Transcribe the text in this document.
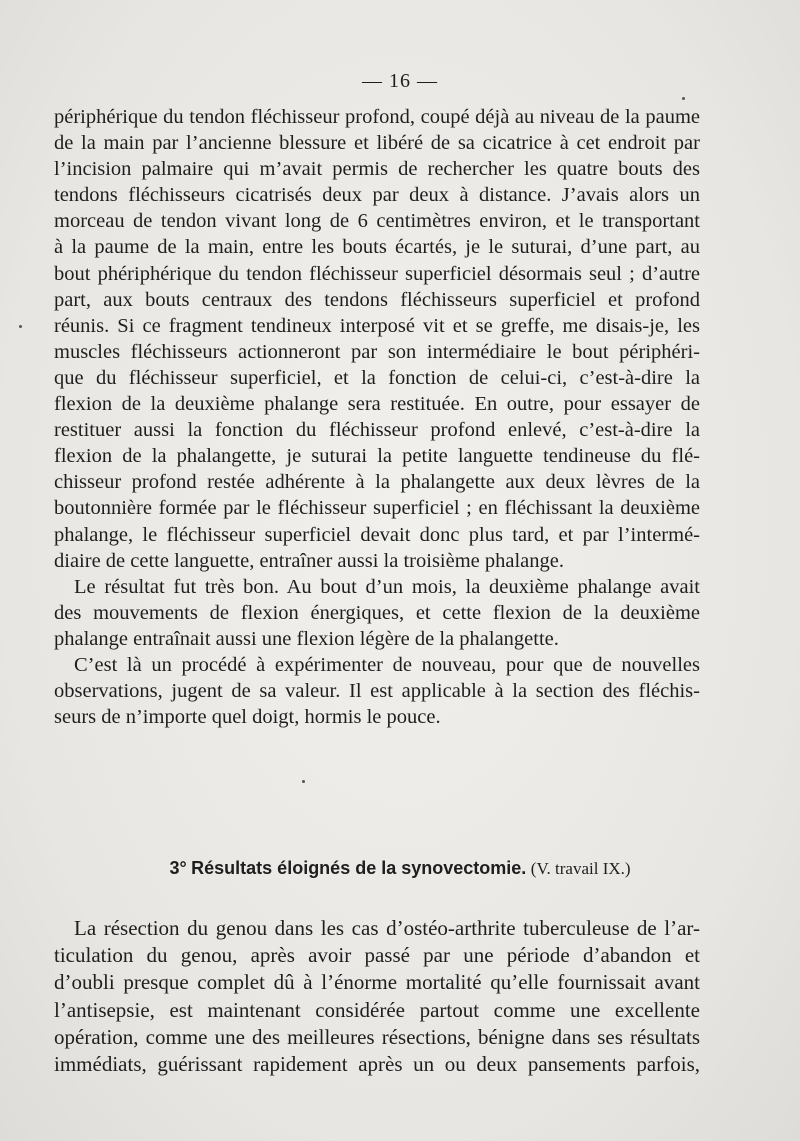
— 16 —
périphérique du tendon fléchisseur profond, coupé déjà au niveau de la paume
de la main par l’ancienne blessure et libéré de sa cicatrice à cet endroit par
l’incision palmaire qui m’avait permis de rechercher les quatre bouts des
tendons fléchisseurs cicatrisés deux par deux à distance. J’avais alors un
morceau de tendon vivant long de 6 centimètres environ, et le transportant
à la paume de la main, entre les bouts écartés, je le suturai, d’une part, au
bout phériphérique du tendon fléchisseur superficiel désormais seul ; d’autre
part, aux bouts centraux des tendons fléchisseurs superficiel et profond
réunis. Si ce fragment tendineux interposé vit et se greffe, me disais-je, les
muscles fléchisseurs actionneront par son intermédiaire le bout périphéri-
que du fléchisseur superficiel, et la fonction de celui-ci, c’est-à-dire la
flexion de la deuxième phalange sera restituée. En outre, pour essayer de
restituer aussi la fonction du fléchisseur profond enlevé, c’est-à-dire la
flexion de la phalangette, je suturai la petite languette tendineuse du flé-
chisseur profond restée adhérente à la phalangette aux deux lèvres de la
boutonnière formée par le fléchisseur superficiel ; en fléchissant la deuxième
phalange, le fléchisseur superficiel devait donc plus tard, et par l’intermé-
diaire de cette languette, entraîner aussi la troisième phalange.
Le résultat fut très bon. Au bout d’un mois, la deuxième phalange avait
des mouvements de flexion énergiques, et cette flexion de la deuxième
phalange entraînait aussi une flexion légère de la phalangette.
C’est là un procédé à expérimenter de nouveau, pour que de nouvelles
observations, jugent de sa valeur. Il est applicable à la section des fléchis-
seurs de n’importe quel doigt, hormis le pouce.
3° Résultats éloignés de la synovectomie. (V. travail IX.)
La résection du genou dans les cas d’ostéo-arthrite tuberculeuse de l’ar-
ticulation du genou, après avoir passé par une période d’abandon et
d’oubli presque complet dû à l’énorme mortalité qu’elle fournissait avant
l’antisepsie, est maintenant considérée partout comme une excellente
opération, comme une des meilleures résections, bénigne dans ses résultats
immédiats, guérissant rapidement après un ou deux pansements parfois,
